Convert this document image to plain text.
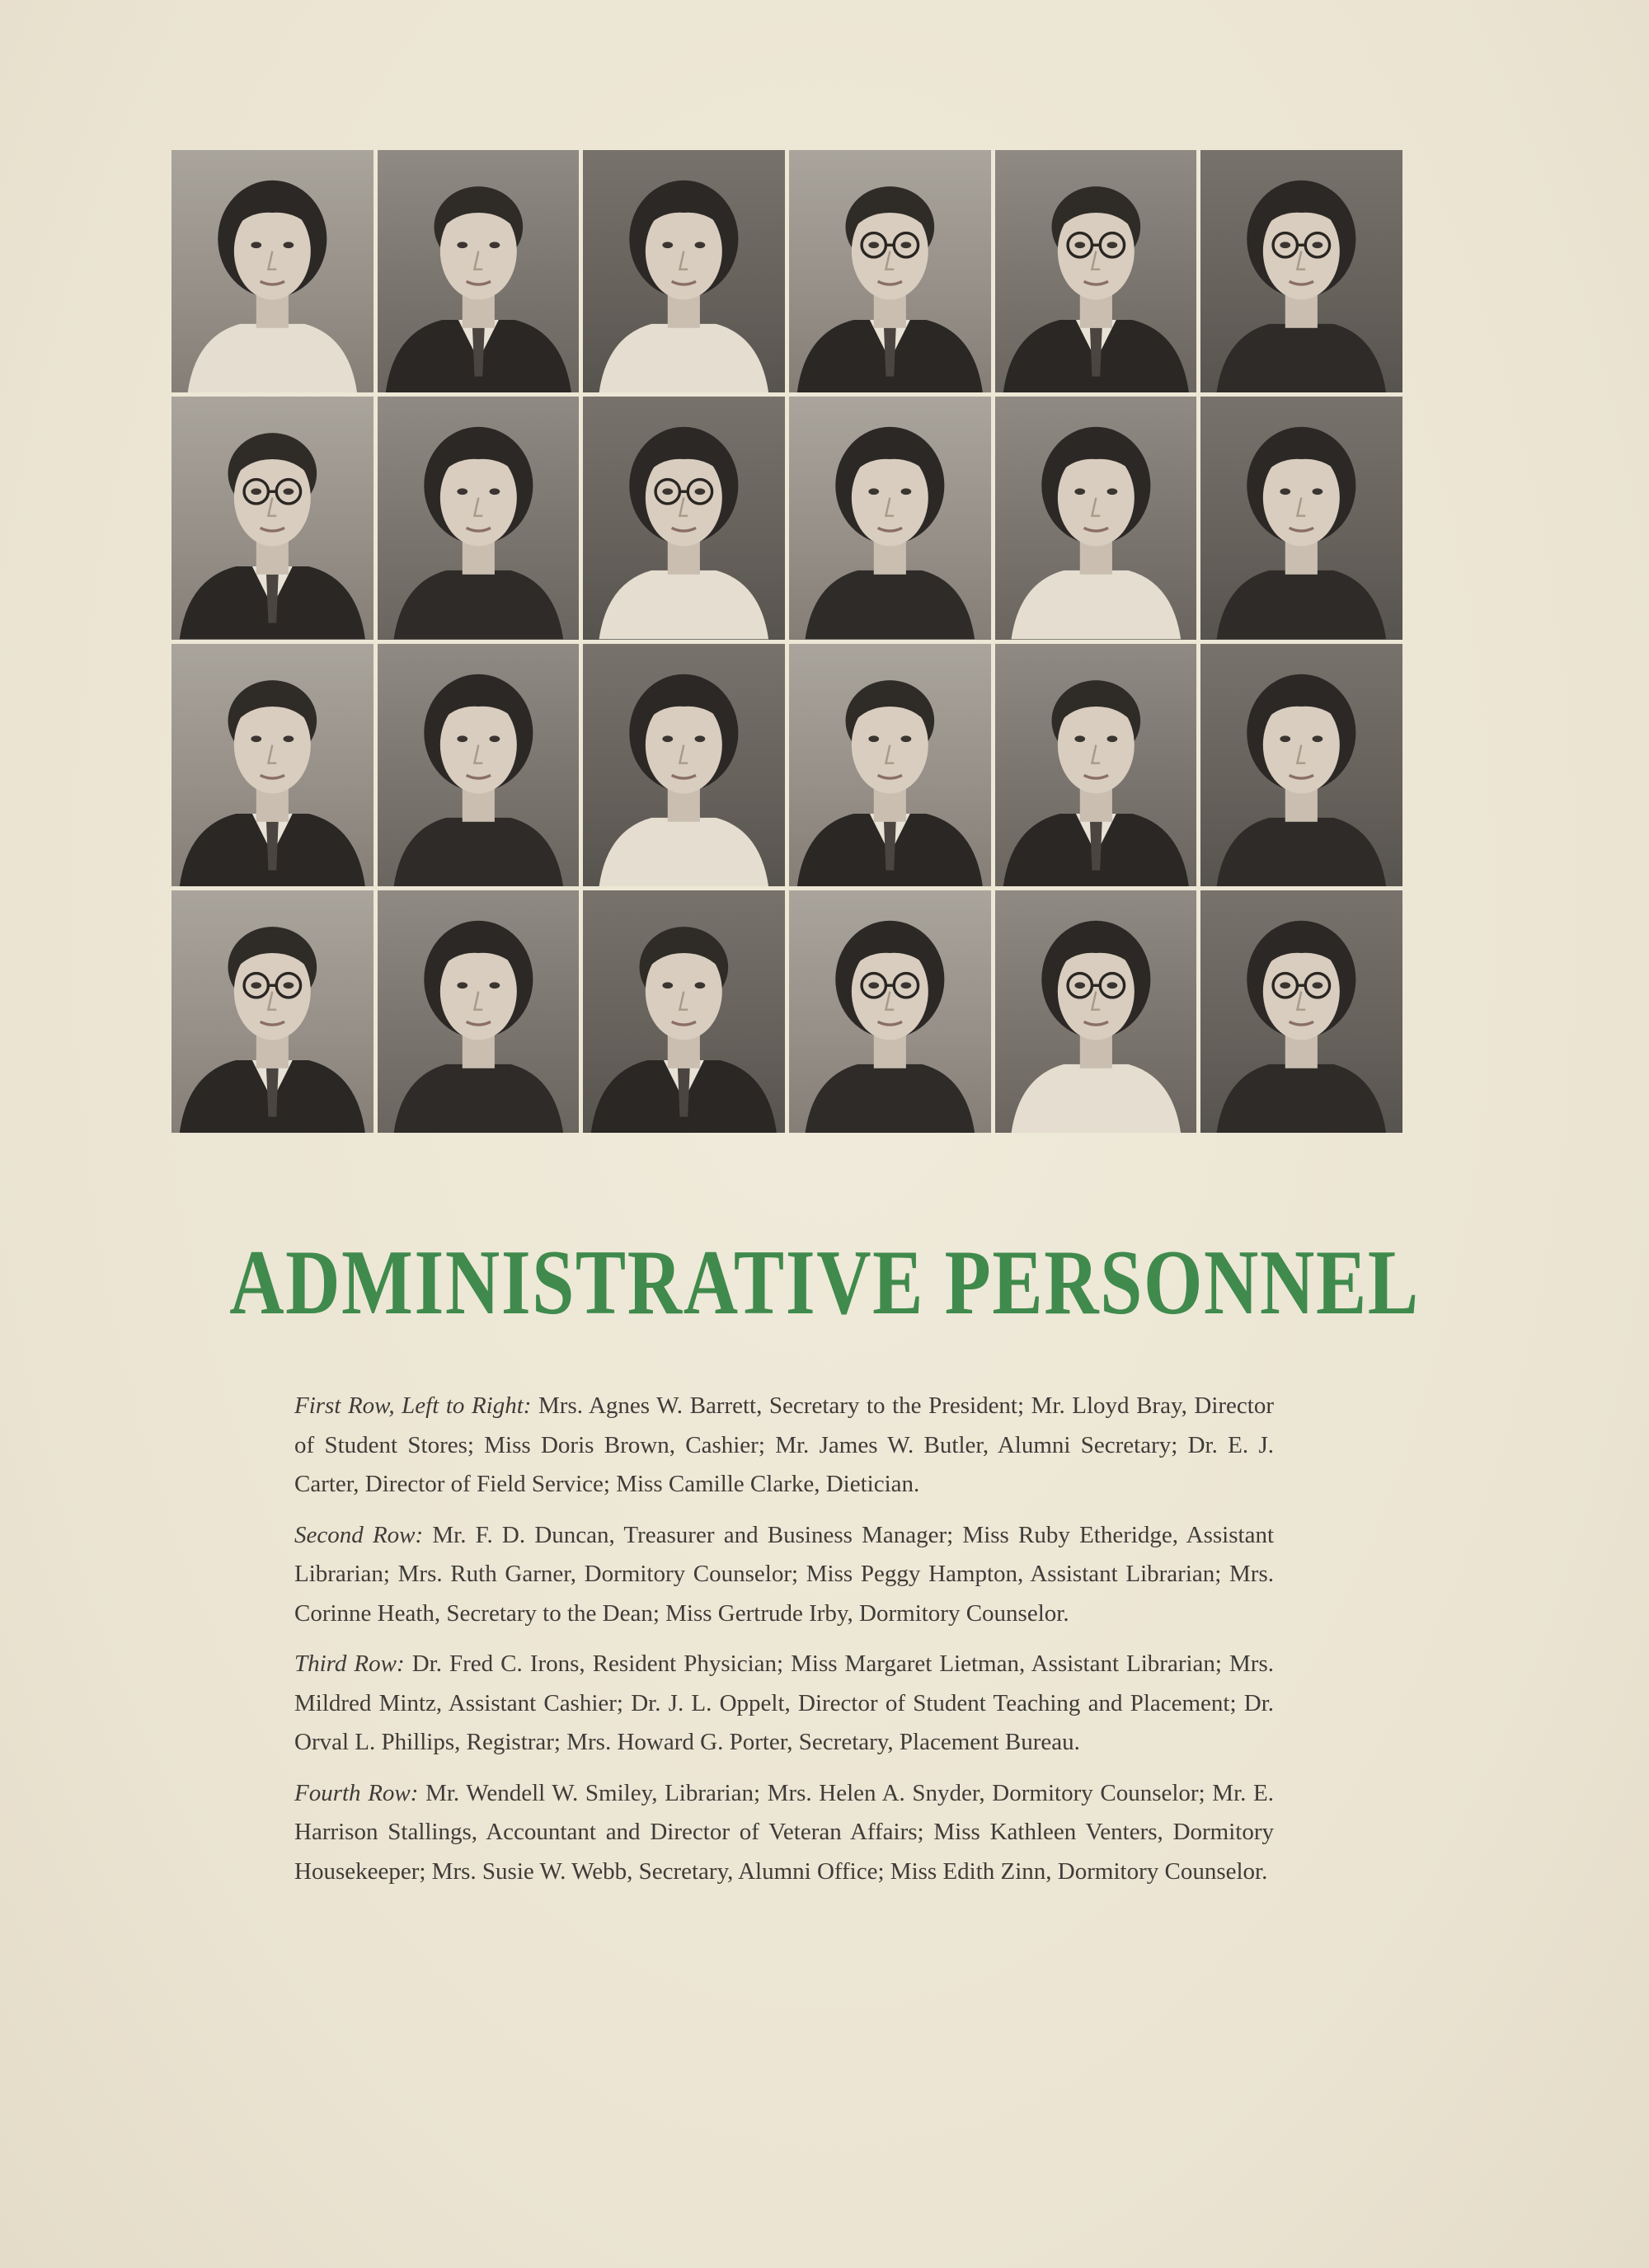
ADMINISTRATIVE PERSONNEL

First Row, Left to Right: Mrs. Agnes W. Barrett, Secretary to the President; Mr. Lloyd Bray, Director of Student Stores; Miss Doris Brown, Cashier; Mr. James W. Butler, Alumni Secretary; Dr. E. J. Carter, Director of Field Service; Miss Camille Clarke, Dietician.

Second Row: Mr. F. D. Duncan, Treasurer and Business Manager; Miss Ruby Etheridge, Assistant Librarian; Mrs. Ruth Garner, Dormitory Counselor; Miss Peggy Hampton, Assistant Librarian; Mrs. Corinne Heath, Secretary to the Dean; Miss Gertrude Irby, Dormitory Counselor.

Third Row: Dr. Fred C. Irons, Resident Physician; Miss Margaret Lietman, Assistant Librarian; Mrs. Mildred Mintz, Assistant Cashier; Dr. J. L. Oppelt, Director of Student Teaching and Placement; Dr. Orval L. Phillips, Registrar; Mrs. Howard G. Porter, Secretary, Placement Bureau.

Fourth Row: Mr. Wendell W. Smiley, Librarian; Mrs. Helen A. Snyder, Dormitory Counselor; Mr. E. Harrison Stallings, Accountant and Director of Veteran Affairs; Miss Kathleen Venters, Dormitory Housekeeper; Mrs. Susie W. Webb, Secretary, Alumni Office; Miss Edith Zinn, Dormitory Counselor.
